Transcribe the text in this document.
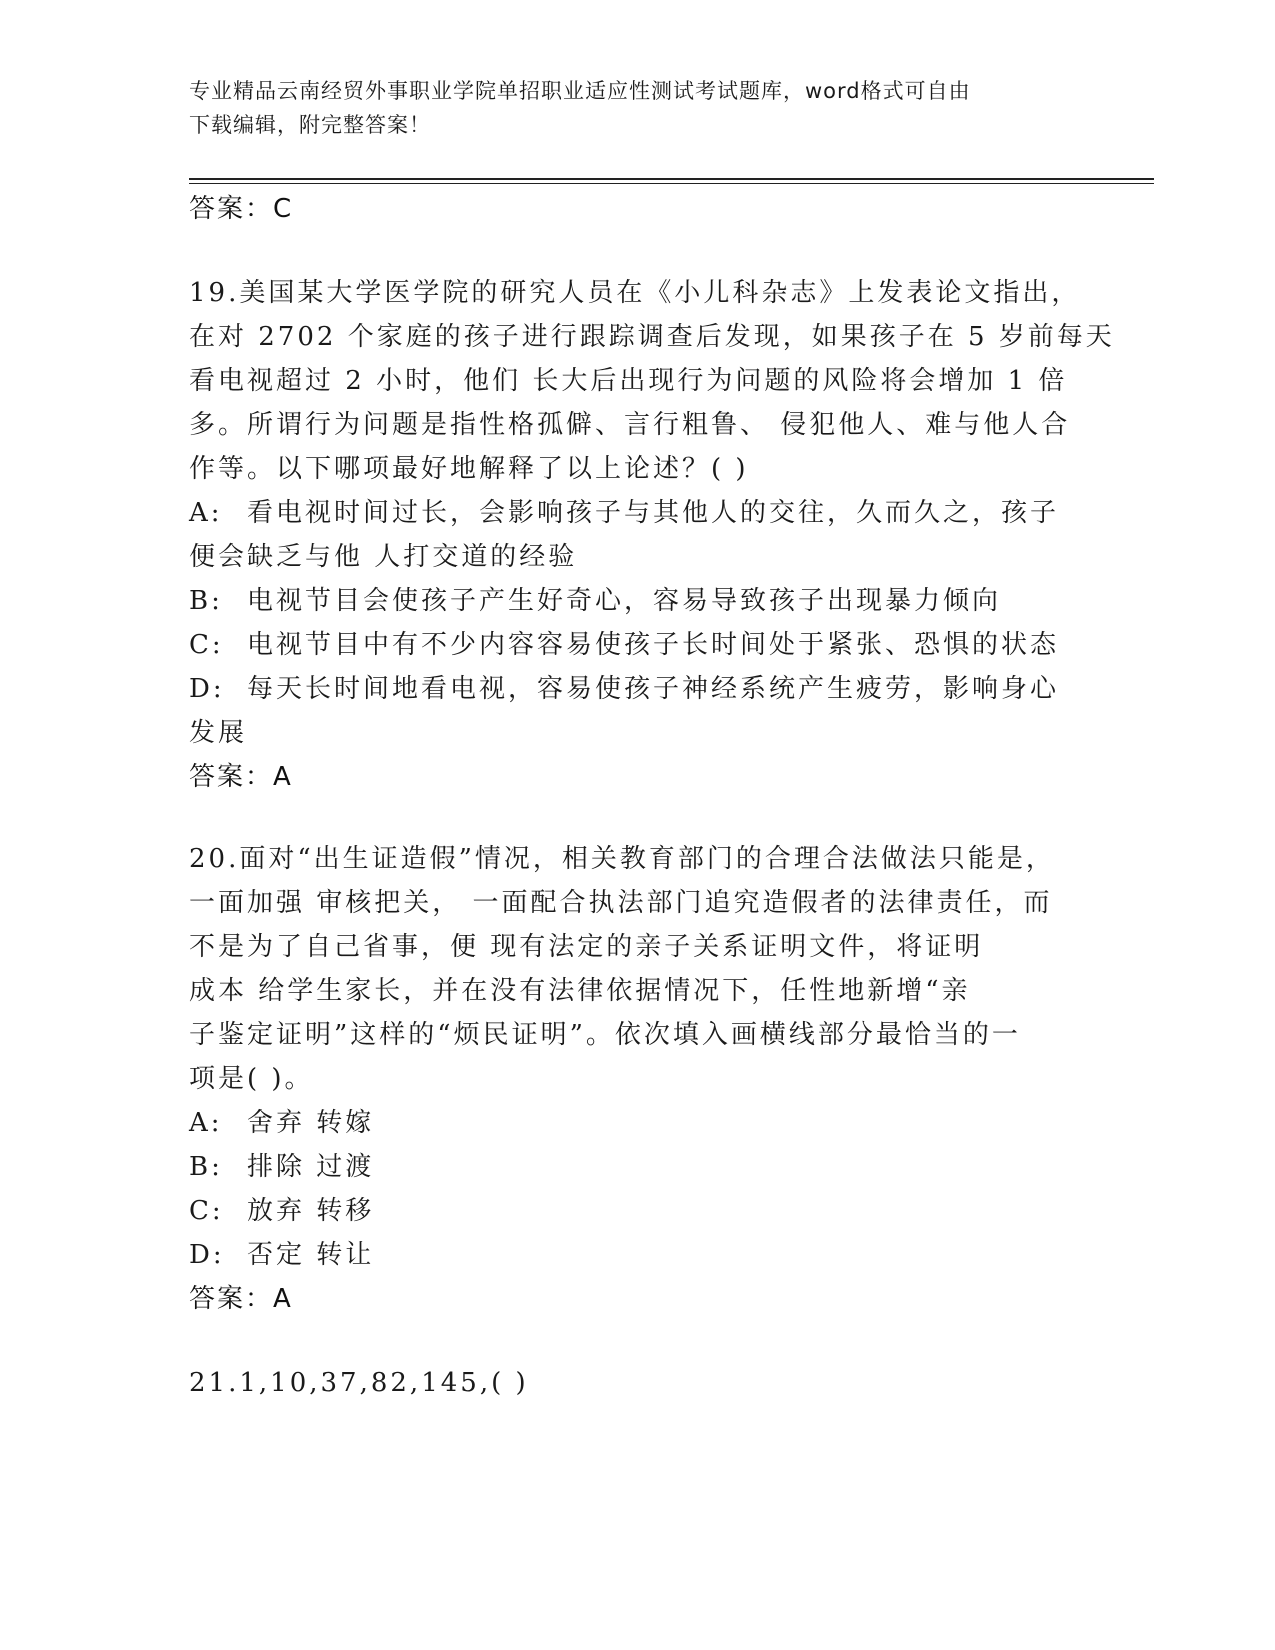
专业精品云南经贸外事职业学院单招职业适应性测试考试题库，word格式可自由
下载编辑，附完整答案！
答案：C
19.美国某大学医学院的研究人员在《小儿科杂志》上发表论文指出，
在对 2702 个家庭的孩子进行跟踪调查后发现，如果孩子在 5 岁前每天
看电视超过 2 小时，他们 长大后出现行为问题的风险将会增加 1 倍
多。所谓行为问题是指性格孤僻、言行粗鲁、 侵犯他人、难与他人合
作等。以下哪项最好地解释了以上论述？( )
A: 看电视时间过长，会影响孩子与其他人的交往，久而久之，孩子
便会缺乏与他 人打交道的经验
B: 电视节目会使孩子产生好奇心，容易导致孩子出现暴力倾向
C: 电视节目中有不少内容容易使孩子长时间处于紧张、恐惧的状态
D: 每天长时间地看电视，容易使孩子神经系统产生疲劳，影响身心
发展
答案：A
20.面对“出生证造假”情况，相关教育部门的合理合法做法只能是，
一面加强 审核把关， 一面配合执法部门追究造假者的法律责任，而
不是为了自己省事，便 现有法定的亲子关系证明文件，将证明
成本 给学生家长，并在没有法律依据情况下，任性地新增“亲
子鉴定证明”这样的“烦民证明”。依次填入画横线部分最恰当的一
项是( )。
A: 舍弃 转嫁
B: 排除 过渡
C: 放弃 转移
D: 否定 转让
答案：A
21.1,10,37,82,145,( )
